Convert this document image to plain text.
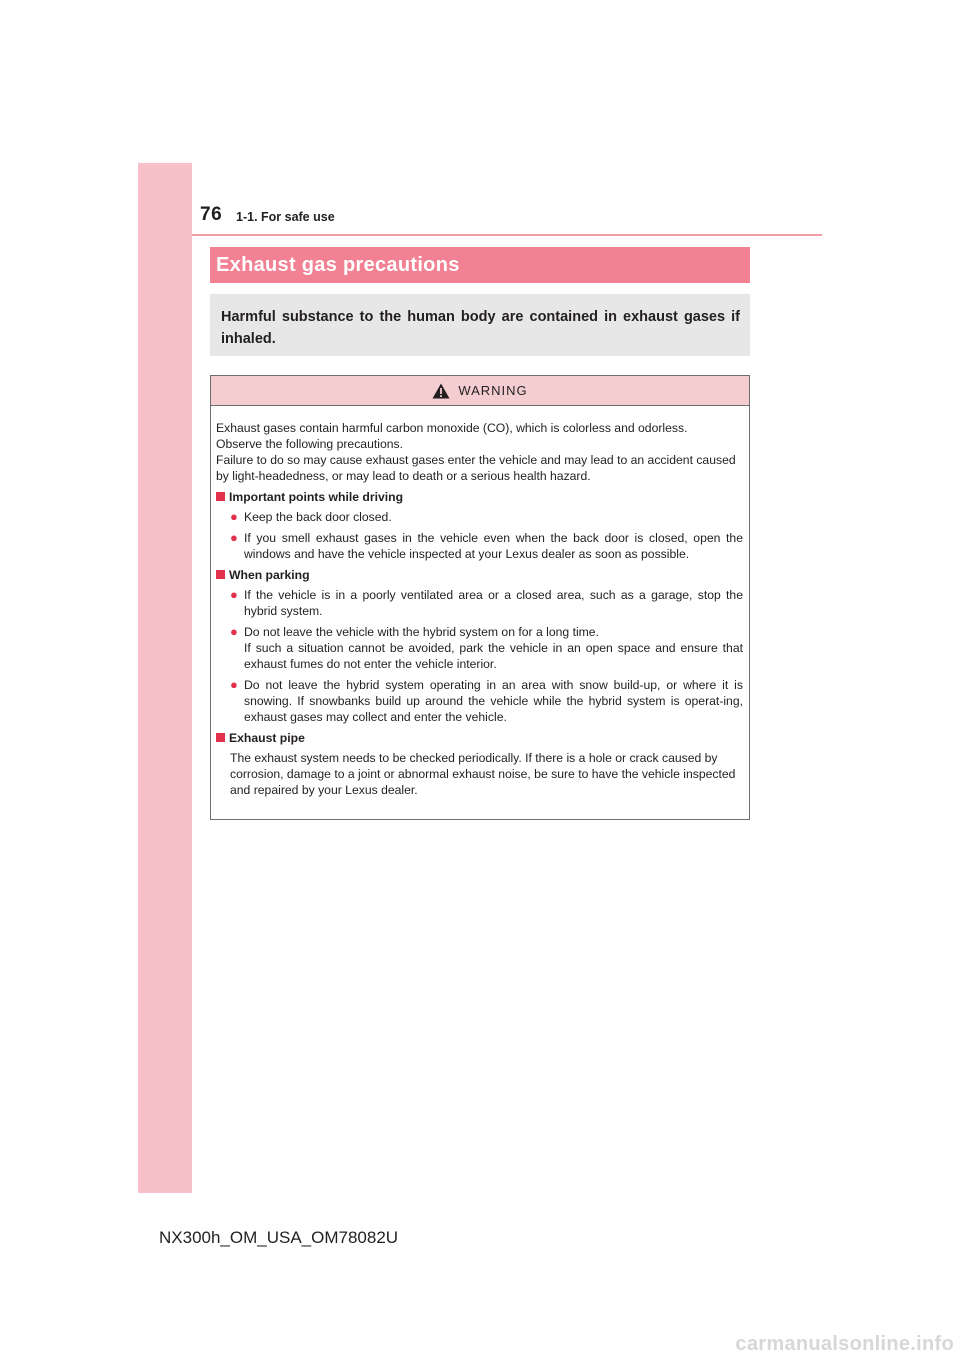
76 1-1. For safe use
Exhaust gas precautions
Harmful substance to the human body are contained in exhaust gases if inhaled.
WARNING

Exhaust gases contain harmful carbon monoxide (CO), which is colorless and odorless.

Observe the following precautions.

Failure to do so may cause exhaust gases enter the vehicle and may lead to an accident caused by light-headedness, or may lead to death or a serious health hazard.

Important points while driving

● Keep the back door closed.
● If you smell exhaust gases in the vehicle even when the back door is closed, open the windows and have the vehicle inspected at your Lexus dealer as soon as possible.

When parking

● If the vehicle is in a poorly ventilated area or a closed area, such as a garage, stop the hybrid system.
● Do not leave the vehicle with the hybrid system on for a long time.
If such a situation cannot be avoided, park the vehicle in an open space and ensure that exhaust fumes do not enter the vehicle interior.
● Do not leave the hybrid system operating in an area with snow build-up, or where it is snowing. If snowbanks build up around the vehicle while the hybrid system is operat-ing, exhaust gases may collect and enter the vehicle.

Exhaust pipe

The exhaust system needs to be checked periodically. If there is a hole or crack caused by corrosion, damage to a joint or abnormal exhaust noise, be sure to have the vehicle inspected and repaired by your Lexus dealer.

NX300h_OM_USA_OM78082U
carmanualsonline.info
